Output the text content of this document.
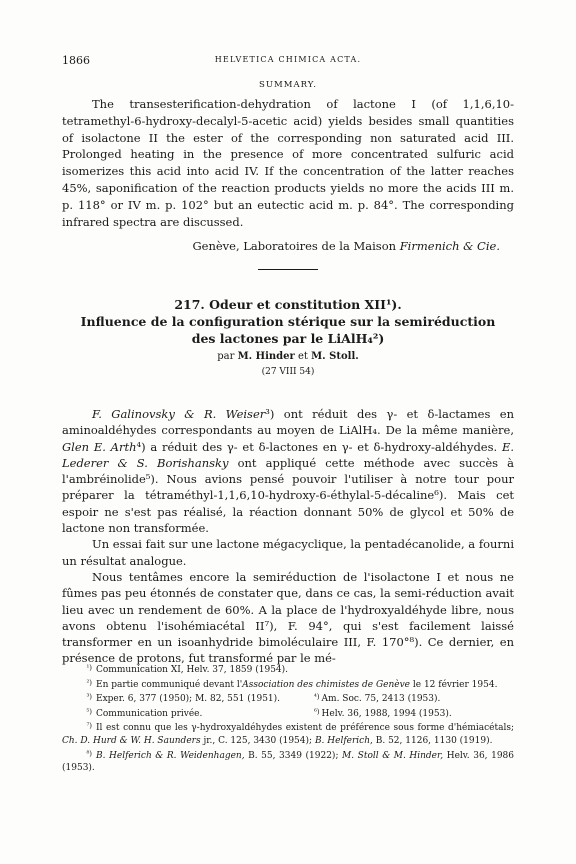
1866	HELVETICA CHIMICA ACTA.
SUMMARY.

The transesterification-dehydration of lactone I (of 1,1,6,10-tetramethyl-6-hydroxy-decalyl-5-acetic acid) yields besides small quantities of isolactone II the ester of the corresponding non saturated acid III. Prolonged heating in the presence of more concentrated sulfuric acid isomerizes this acid into acid IV. If the concentration of the latter reaches 45%, saponification of the reaction products yields no more the acids III m. p. 118° or IV m. p. 102° but an eutectic acid m. p. 84°. The corresponding infrared spectra are discussed.

Genève, Laboratoires de la Maison Firmenich & Cie.

217. Odeur et constitution XII¹).

Influence de la configuration stérique sur la semiréduction

des lactones par le LiAlH₄²)

par M. Hinder et M. Stoll.
(27 VIII 54)

F. Galinovsky & R. Weiser³) ont réduit des γ- et δ-lactames en aminoaldéhydes correspondants au moyen de LiAlH₄. De la même manière, Glen E. Arth⁴) a réduit des γ- et δ-lactones en γ- et δ-hydroxy-aldéhydes. E. Lederer & S. Borishansky ont appliqué cette méthode avec succès à l'ambréinolide⁵). Nous avions pensé pouvoir l'utiliser à notre tour pour préparer la tétraméthyl-1,1,6,10-hydroxy-6-éthylal-5-décaline⁶). Mais cet espoir ne s'est pas réalisé, la réaction donnant 50% de glycol et 50% de lactone non transformée.

Un essai fait sur une lactone mégacyclique, la pentadécanolide, a fourni un résultat analogue.

Nous tentâmes encore la semiréduction de l'isolactone I et nous ne fûmes pas peu étonnés de constater que, dans ce cas, la semi-réduction avait lieu avec un rendement de 60%. A la place de l'hydroxyaldéhyde libre, nous avons obtenu l'isohémiacétal II⁷), F. 94°, qui s'est facilement laissé transformer en un isoanhydride bimoléculaire III, F. 170°⁸). Ce dernier, en présence de protons, fut transformé par le mé-

¹) Communication XI, Helv. 37, 1859 (1954).

²) En partie communiqué devant l'Association des chimistes de Genève le 12 février 1954.

³) Exper. 6, 377 (1950); M. 82, 551 (1951).	$^{^4)}$ Am. Soc. 75, 2413 (1953).
⁵) Communication privée.	$^{^6)}$ Helv. 36, 1988, 1994 (1953).

⁷) Il est connu que les γ-hydroxyaldéhydes existent de préférence sous forme d'hémiacétals; Ch. D. Hurd & W. H. Saunders jr., C. 125, 3430 (1954); B. Helferich, B. 52, 1126, 1130 (1919).

⁸) B. Helferich & R. Weidenhagen, B. 55, 3349 (1922); M. Stoll & M. Hinder, Helv. 36, 1986 (1953).
